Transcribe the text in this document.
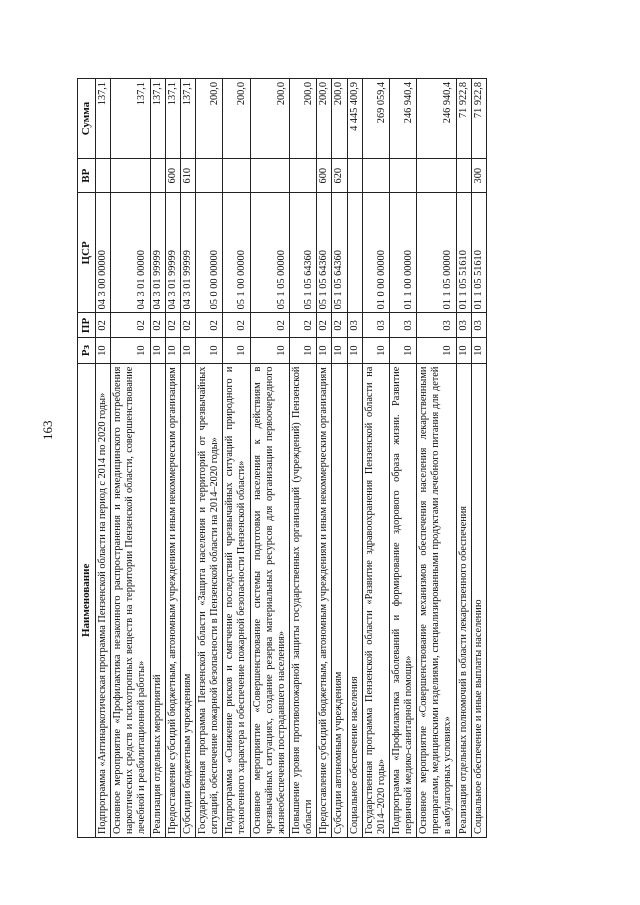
163
Наименование	Рз	ПР	ЦСР	ВР	Сумма
Подпрограмма «Антинаркотическая программа Пензенской области на период с 2014 по 2020 годы»	10	02	04 3 00 00000		137,1
Основное мероприятие «Профилактика незаконного распространения и немедицинского потребления наркотических средств и психотропных веществ на территории Пензенской области, совершенствование лечебной и реабилитационной работы»	10	02	04 3 01 00000		137,1
Реализация отдельных мероприятий	10	02	04 3 01 99999		137,1
Предоставление субсидий бюджетным, автономным учреждениям и иным некоммерческим организациям	10	02	04 3 01 99999	600	137,1
Субсидии бюджетным учреждениям	10	02	04 3 01 99999	610	137,1
Государственная программа Пензенской области «Защита населения и территорий от чрезвычайных ситуаций, обеспечение пожарной безопасности в Пензенской области на 2014–2020 годы»	10	02	05 0 00 00000		200,0
Подпрограмма «Снижение рисков и смягчение последствий чрезвычайных ситуаций природного и техногенного характера и обеспечение пожарной безопасности Пензенской области»	10	02	05 1 00 00000		200,0
Основное мероприятие «Совершенствование системы подготовки населения к действиям в чрезвычайных ситуациях, создание резерва материальных ресурсов для организации первоочередного жизнеобеспечения пострадавшего населения»	10	02	05 1 05 00000		200,0
Повышение уровня противопожарной защиты государственных организаций (учреждений) Пензенской области	10	02	05 1 05 64360		200,0
Предоставление субсидий бюджетным, автономным учреждениям и иным некоммерческим организациям	10	02	05 1 05 64360	600	200,0
Субсидии автономным учреждениям	10	02	05 1 05 64360	620	200,0
Социальное обеспечение населения	10	03			4 445 400,9
Государственная программа Пензенской области «Развитие здравоохранения Пензенской области на 2014–2020 годы»	10	03	01 0 00 00000		269 059,4
Подпрограмма «Профилактика заболеваний и формирование здорового образа жизни. Развитие первичной медико-санитарной помощи»	10	03	01 1 00 00000		246 940,4
Основное мероприятие «Совершенствование механизмов обеспечения населения лекарственными препаратами, медицинскими изделиями, специализированными продуктами лечебного питания для детей в амбулаторных условиях»	10	03	01 1 05 00000		246 940,4
Реализация отдельных полномочий в области лекарственного обеспечения	10	03	01 1 05 51610		71 922,8
Социальное обеспечение и иные выплаты населению	10	03	01 1 05 51610	300	71 922,8
